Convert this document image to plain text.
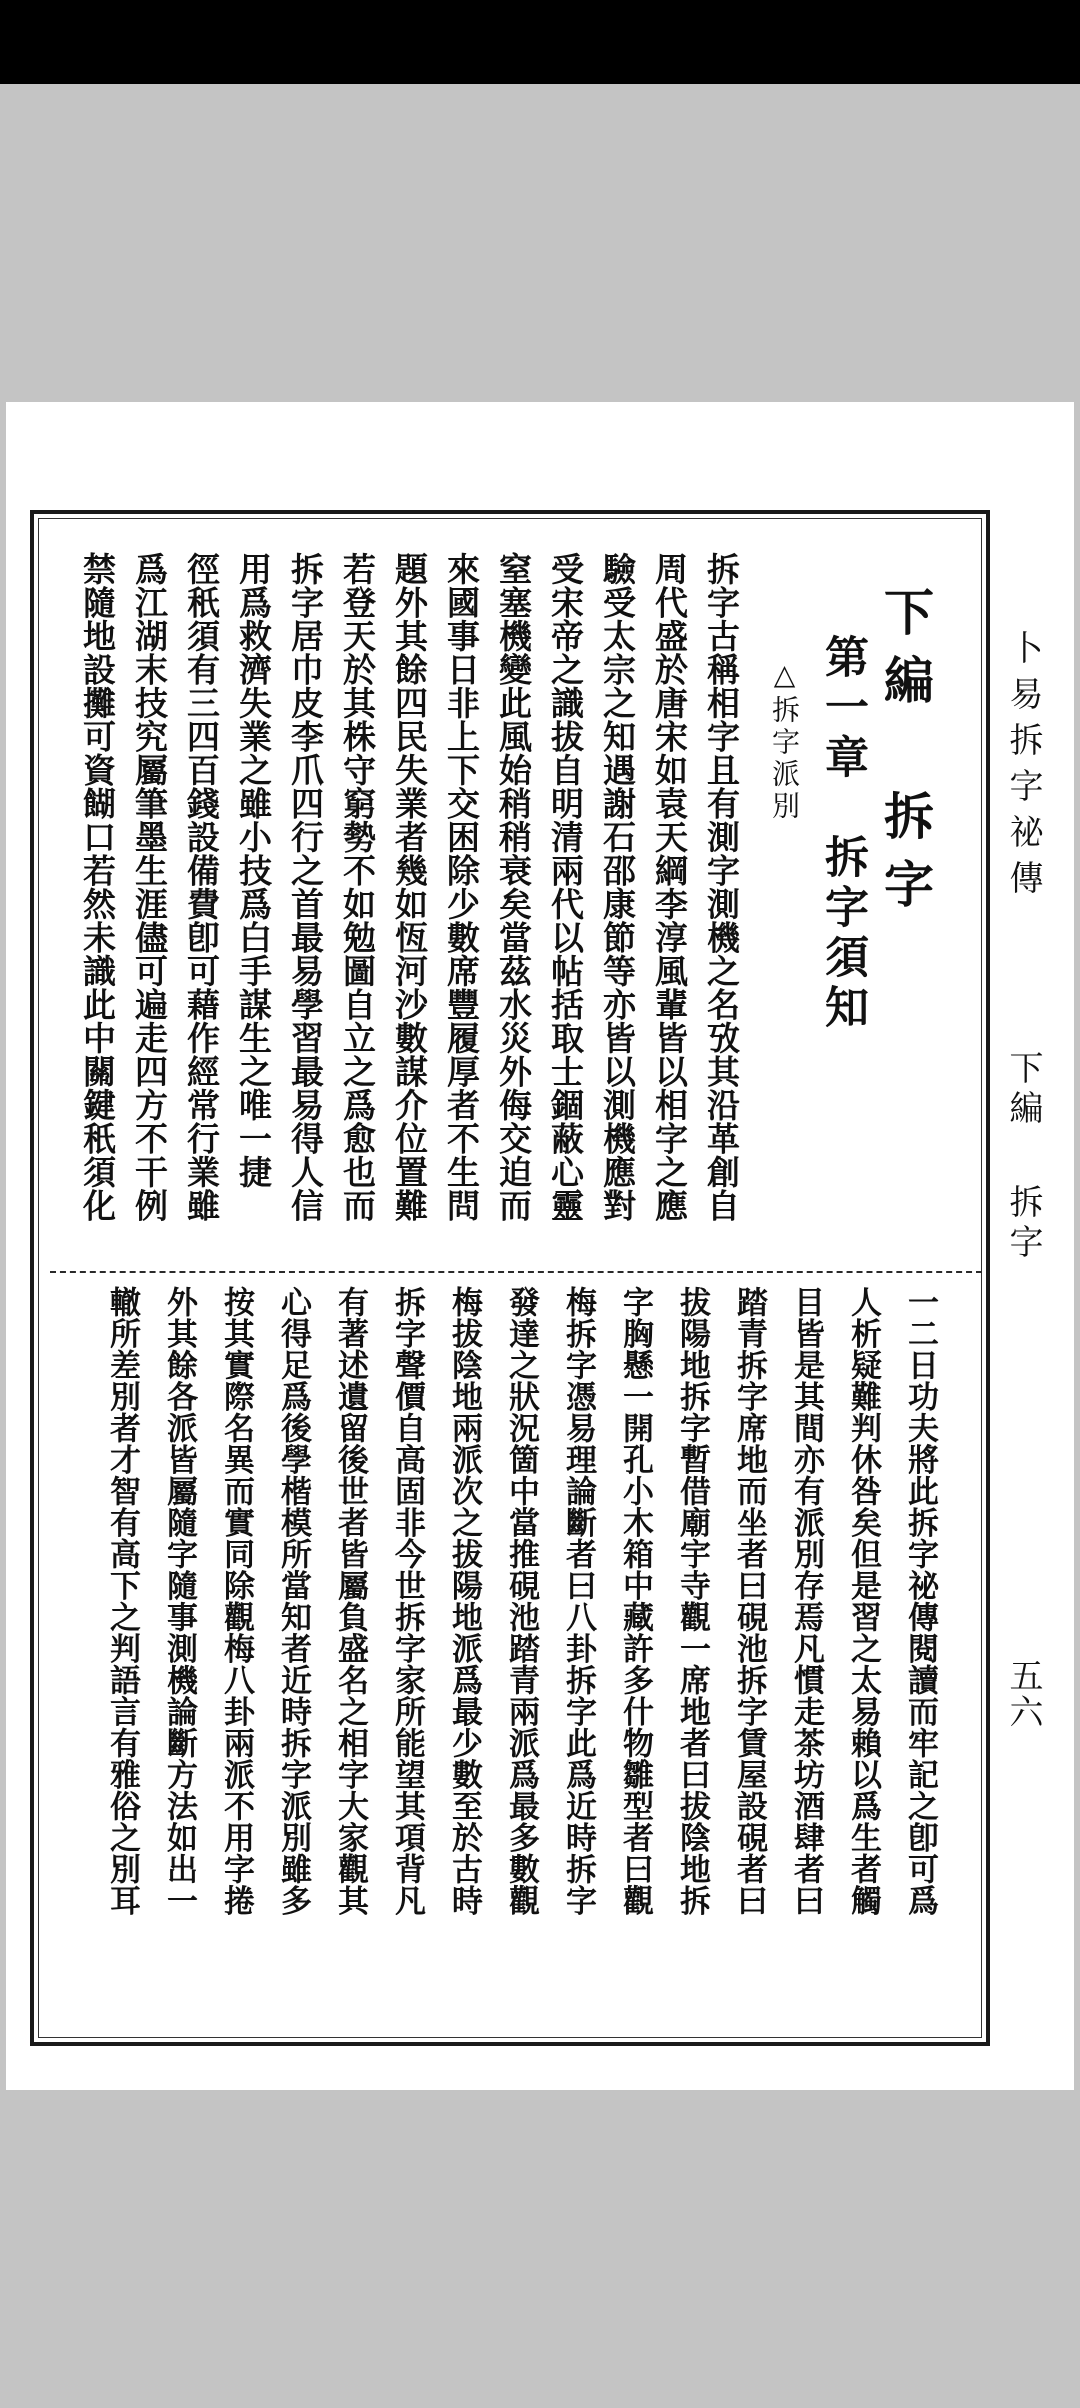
卜易拆字祕傳
下編
拆字
五六
下編　拆字
第一章　拆字須知
△拆字派別
拆字古稱相字且有測字測機之名攷其沿革創自
周代盛於唐宋如袁天綱李淳風輩皆以相字之應
驗受太宗之知遇謝石邵康節等亦皆以測機應對
受宋帝之識拔自明清兩代以帖括取士錮蔽心靈
窒塞機變此風始稍稍衰矣當茲水災外侮交迫而
來國事日非上下交困除少數席豐履厚者不生問
題外其餘四民失業者幾如恆河沙數謀介位置難
若登天於其株守窮勢不如勉圖自立之爲愈也而
拆字居巾皮李爪四行之首最易學習最易得人信
用爲救濟失業之雖小技爲白手謀生之唯一捷
徑秖須有三四百錢設備費卽可藉作經常行業雖
爲江湖末技究屬筆墨生涯儘可遍走四方不干例
禁隨地設攤可資餬口若然未識此中關鍵秖須化
一二日功夫將此拆字祕傳閱讀而牢記之卽可爲
人析疑難判休咎矣但是習之太易賴以爲生者觸
目皆是其間亦有派別存焉凡慣走茶坊酒肆者曰
踏青拆字席地而坐者曰硯池拆字賃屋設硯者曰
拔陽地拆字暫借廟宇寺觀一席地者曰拔陰地拆
字胸懸一開孔小木箱中藏許多什物雛型者曰觀
梅拆字憑易理論斷者曰八卦拆字此爲近時拆字
發達之狀況箇中當推硯池踏青兩派爲最多數觀
梅拔陰地兩派次之拔陽地派爲最少數至於古時
拆字聲價自高固非今世拆字家所能望其項背凡
有著述遺留後世者皆屬負盛名之相字大家觀其
心得足爲後學楷模所當知者近時拆字派別雖多
按其實際名異而實同除觀梅八卦兩派不用字捲
外其餘各派皆屬隨字隨事測機論斷方法如出一
轍所差別者才智有高下之判語言有雅俗之別耳
